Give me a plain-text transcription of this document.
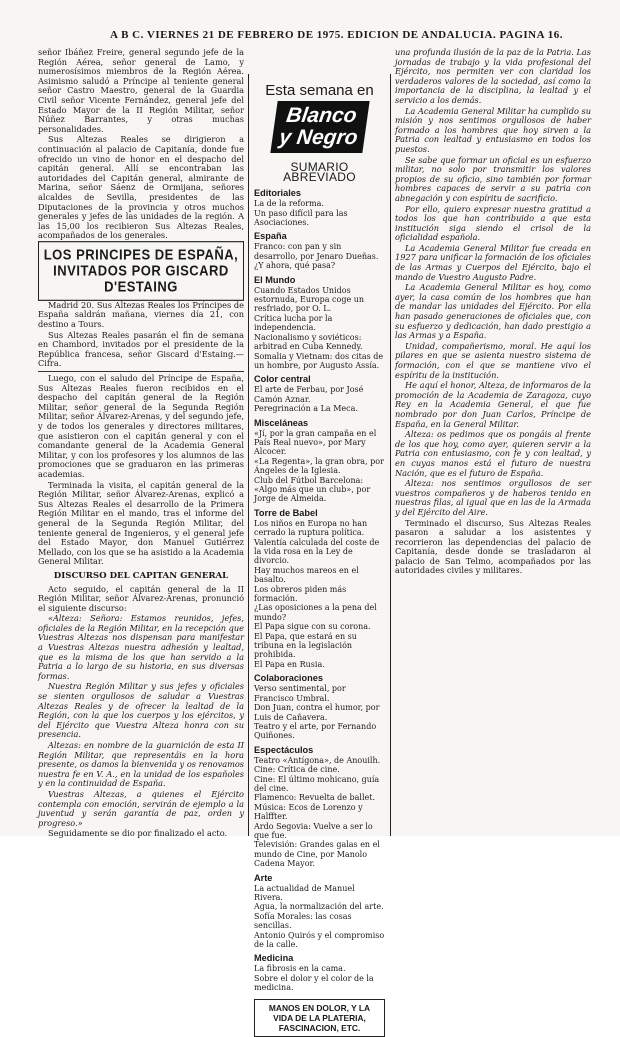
A B C. VIERNES 21 DE FEBRERO DE 1975. EDICION DE ANDALUCIA. PAGINA 16.

señor Ibáñez Freire, general segundo jefe de la Región Aérea, señor general de Lamo, y numerosísimos miembros de la Región Aérea. Asimismo saludó a Príncipe al teniente general señor Castro Maestro, general de la Guardia Civil señor Vicente Fernández, general jefe del Estado Mayor de la II Región Militar, señor Núñez Barrantes, y otras muchas personalidades.

Sus Altezas Reales se dirigieron a continuación al palacio de Capitanía, donde fue ofrecido un vino de honor en el despacho del capitán general. Allí se encontraban las autoridades del Capitán general, almirante de Marina, señor Sáenz de Ormijana, señores alcaldes de Sevilla, presidentes de las Diputaciones de la provincia y otros muchos generales y jefes de las unidades de la región. A las 15,00 los recibieron Sus Altezas Reales, acompañados de los generales.

LOS PRINCIPES DE ESPAÑA, INVITADOS POR GISCARD D'ESTAING

Madrid 20. Sus Altezas Reales los Príncipes de España saldrán mañana, viernes día 21, con destino a Tours.

Sus Altezas Reales pasarán el fin de semana en Chambord, invitados por el presidente de la República francesa, señor Giscard d'Estaing.—Cifra.

Luego, con el saludo del Príncipe de España, Sus Altezas Reales fueron recibidos en el despacho del capitán general de la Región Militar, señor general de la Segunda Región Militar, señor Álvarez-Arenas, y del segundo jefe, y de todos los generales y directores militares, que asistieron con el capitán general y con el comandante general de la Academia General Militar, y con los profesores y los alumnos de las promociones que se graduaron en las primeras academias.

Terminada la visita, el capitán general de la Región Militar, señor Álvarez-Arenas, explicó a Sus Altezas Reales el desarrollo de la Primera Región Militar en el mando, tras el informe del general de la Segunda Región Militar, del teniente general de Ingenieros, y el general jefe del Estado Mayor, don Manuel Gutiérrez Mellado, con los que se ha asistido a la Academia General Militar.

DISCURSO DEL CAPITAN GENERAL

Acto seguido, el capitán general de la II Región Militar, señor Álvarez-Arenas, pronunció el siguiente discurso:

«Alteza: Señora: Estamos reunidos, jefes, oficiales de la Región Militar, en la recepción que Vuestras Altezas nos dispensan para manifestar a Vuestras Altezas nuestra adhesión y lealtad, que es la misma de los que han servido a la Patria a lo largo de su historia, en sus diversas formas.

Nuestra Región Militar y sus jefes y oficiales se sienten orgullosos de saludar a Vuestras Altezas Reales y de ofrecer la lealtad de la Región, con la que los cuerpos y los ejércitos, y del Ejército que Vuestra Alteza honra con su presencia.

Altezas: en nombre de la guarnición de esta II Región Militar, que representáis en la hora presente, os damos la bienvenida y os renovamos nuestra fe en V. A., en la unidad de los españoles y en la continuidad de España.

Vuestras Altezas, a quienes el Ejército contempla con emoción, servirán de ejemplo a la juventud y serán garantía de paz, orden y progreso.»

Seguidamente se dio por finalizado el acto.

Esta semana en
Blanco
y Negro
SUMARIO ABREVIADO
Editoriales
La de la reforma.
Un paso difícil para las Asociaciones.
España
Franco: con pan y sin desarrollo, por Jenaro Dueñas.
¿Y ahora, qué pasa?
El Mundo
Cuando Estados Unidos estornuda, Europa coge un resfriado, por O. L.
Crítica lucha por la independencia.
Nacionalismo y soviéticos: arbitrad en Cuba Kennedy.
Somalia y Vietnam: dos citas de un hombre, por Augusto Assía.
Color central
El arte de Ferbau, por José Camón Aznar.
Peregrinación a La Meca.
Misceláneas
«Jí, por la gran campaña en el País Real nuevo», por Mary Alcocer.
«La Regenta», la gran obra, por Ángeles de la Iglesia.
Club del Fútbol Barcelona: «Algo más que un club», por Jorge de Almeida.
Torre de Babel
Los niños en Europa no han cerrado la ruptura política.
Valentía calculada del coste de la vida rosa en la Ley de divorcio.
Hay muchos mareos en el basalto.
Los obreros piden más formación.
¿Las oposiciones a la pena del mundo?
El Papa sigue con su corona.
El Papa, que estará en su tribuna en la legislación prohibida.
El Papa en Rusia.
Colaboraciones
Verso sentimental, por Francisco Umbral.
Don Juan, contra el humor, por Luis de Cañavera.
Teatro y el arte, por Fernando Quiñones.
Espectáculos
Teatro «Antígona», de Anouilh.
Cine: Crítica de cine.
Cine: El último mohicano, guía del cine.
Flamenco: Revuelta de ballet.
Música: Ecos de Lorenzo y Halffter.
Ardo Segovia: Vuelve a ser lo que fue.
Televisión: Grandes galas en el mundo de Cine, por Manolo Cadena Mayor.
Arte
La actualidad de Manuel Rivera.
Agua, la normalización del arte.
Sofía Morales: las cosas sencillas.
Antonio Quirós y el compromiso de la calle.
Medicina
La fibrosis en la cama.
Sobre el dolor y el color de la medicina.
MANOS EN DOLOR, Y LA VIDA DE LA PLATERIA, FASCINACION, ETC.

una profunda ilusión de la paz de la Patria. Las jornadas de trabajo y la vida profesional del Ejército, nos permiten ver con claridad los verdaderos valores de la sociedad, así como la importancia de la disciplina, la lealtad y el servicio a los demás.

La Academia General Militar ha cumplido su misión y nos sentimos orgullosos de haber formado a los hombres que hoy sirven a la Patria con lealtad y entusiasmo en todos los puestos.

Se sabe que formar un oficial es un esfuerzo militar, no solo por transmitir los valores propios de su oficio, sino también por formar hombres capaces de servir a su patria con abnegación y con espíritu de sacrificio.

Por ello, quiero expresar nuestra gratitud a todos los que han contribuido a que esta institución siga siendo el crisol de la oficialidad española.

La Academia General Militar fue creada en 1927 para unificar la formación de los oficiales de las Armas y Cuerpos del Ejército, bajo el mando de Vuestro Augusto Padre.

La Academia General Militar es hoy, como ayer, la casa común de los hombres que han de mandar las unidades del Ejército. Por ella han pasado generaciones de oficiales que, con su esfuerzo y dedicación, han dado prestigio a las Armas y a España.

Unidad, compañerismo, moral. He aquí los pilares en que se asienta nuestro sistema de formación, con el que se mantiene vivo el espíritu de la institución.

He aquí el honor, Alteza, de informaros de la promoción de la Academia de Zaragoza, cuyo Rey en la Academia General, el que fue nombrado por don Juan Carlos, Príncipe de España, en la General Militar.

Alteza: os pedimos que os pongáis al frente de los que hoy, como ayer, quieren servir a la Patria con entusiasmo, con fe y con lealtad, y en cuyas manos está el futuro de nuestra Nación, que es el futuro de España.

Alteza: nos sentimos orgullosos de ser vuestros compañeros y de haberos tenido en nuestras filas, al igual que en las de la Armada y del Ejército del Aire.

Terminado el discurso, Sus Altezas Reales pasaron a saludar a los asistentes y recorrieron las dependencias del palacio de Capitanía, desde donde se trasladaron al palacio de San Telmo, acompañados por las autoridades civiles y militares.
